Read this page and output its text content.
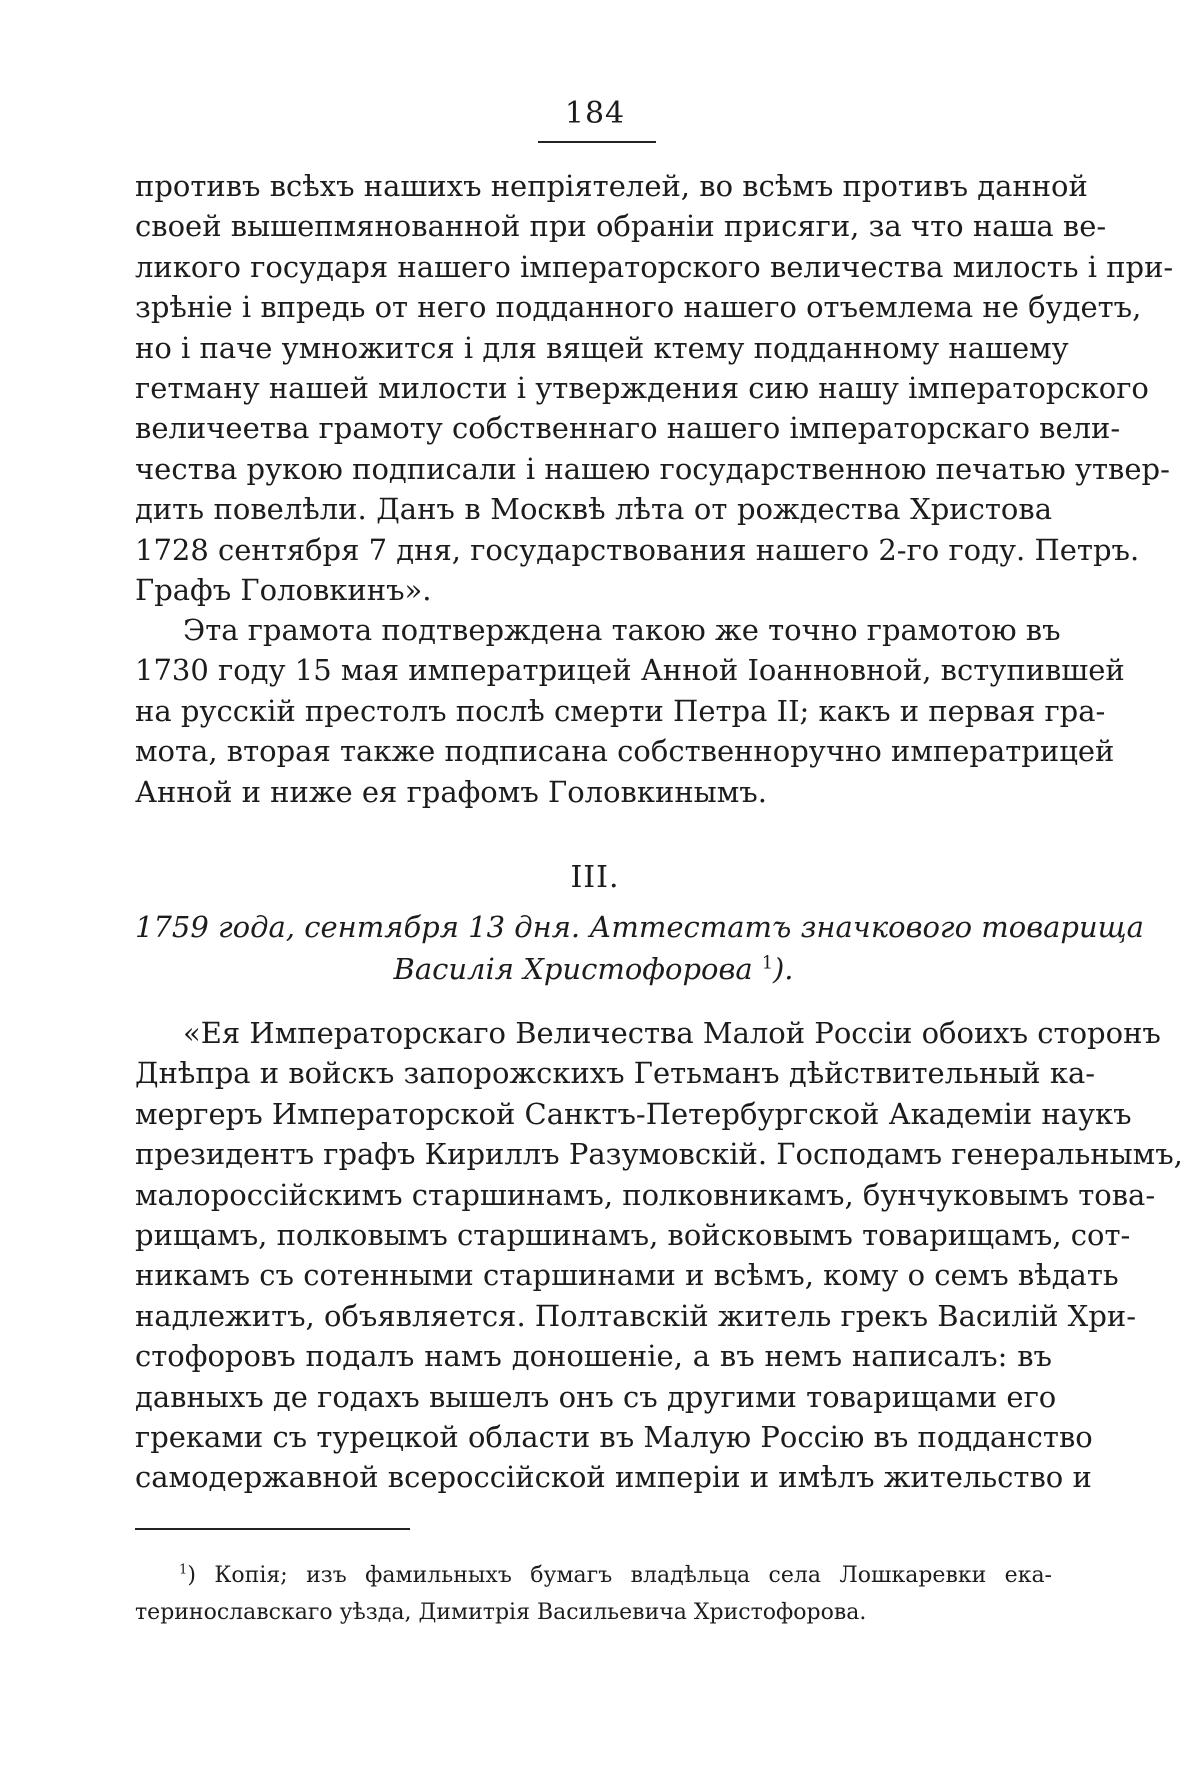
184
противъ всѣхъ нашихъ непріятелей, во всѣмъ противъ данной
своей вышепмянованной при обраніи присяги, за что наша ве-
ликого государя нашего імператорского величества милость і при-
зрѣніе і впредь от него подданного нашего отъемлема не будетъ,
но і паче умножится і для вящей ктему подданному нашему
гетману нашей милости і утверждения сию нашу імператорского
величеетва грамоту собственнаго нашего імператорскаго вели-
чества рукою подписали і нашею государственною печатью утвер-
дить повелѣли. Данъ в Москвѣ лѣта от рождества Христова
1728 сентября 7 дня, государствования нашего 2-го году. Петръ.
Графъ Головкинъ».
Эта грамота подтверждена такою же точно грамотою въ
1730 году 15 мая императрицей Анной Іоанновной, вступившей
на русскій престолъ послѣ смерти Петра II; какъ и первая гра-
мота, вторая также подписана собственноручно императрицей
Анной и ниже ея графомъ Головкинымъ.
III.
1759 года, сентября 13 дня. Аттестатъ значкового товарища
Василія Христофорова $^1$).
«Ея Императорскаго Величества Малой Россіи обоихъ сторонъ
Днѣпра и войскъ запорожскихъ Гетьманъ дѣйствительный ка-
мергеръ Императорской Санктъ-Петербургской Академіи наукъ
президентъ графъ Кириллъ Разумовскій. Господамъ генеральнымъ,
малороссійскимъ старшинамъ, полковникамъ, бунчуковымъ това-
рищамъ, полковымъ старшинамъ, войсковымъ товарищамъ, сот-
никамъ съ сотенными старшинами и всѣмъ, кому о семъ вѣдать
надлежитъ, объявляется. Полтавскій житель грекъ Василій Хри-
стофоровъ подалъ намъ доношеніе, а въ немъ написалъ: въ
давныхъ де годахъ вышелъ онъ съ другими товарищами его
греками съ турецкой области въ Малую Россію въ подданство
самодержавной всероссійской имперіи и имѣлъ жительство и
$^1$) Копія; изъ фамильныхъ бумагъ владѣльца села Лошкаревки ека-
теринославскаго уѣзда, Димитрія Васильевича Христофорова.
